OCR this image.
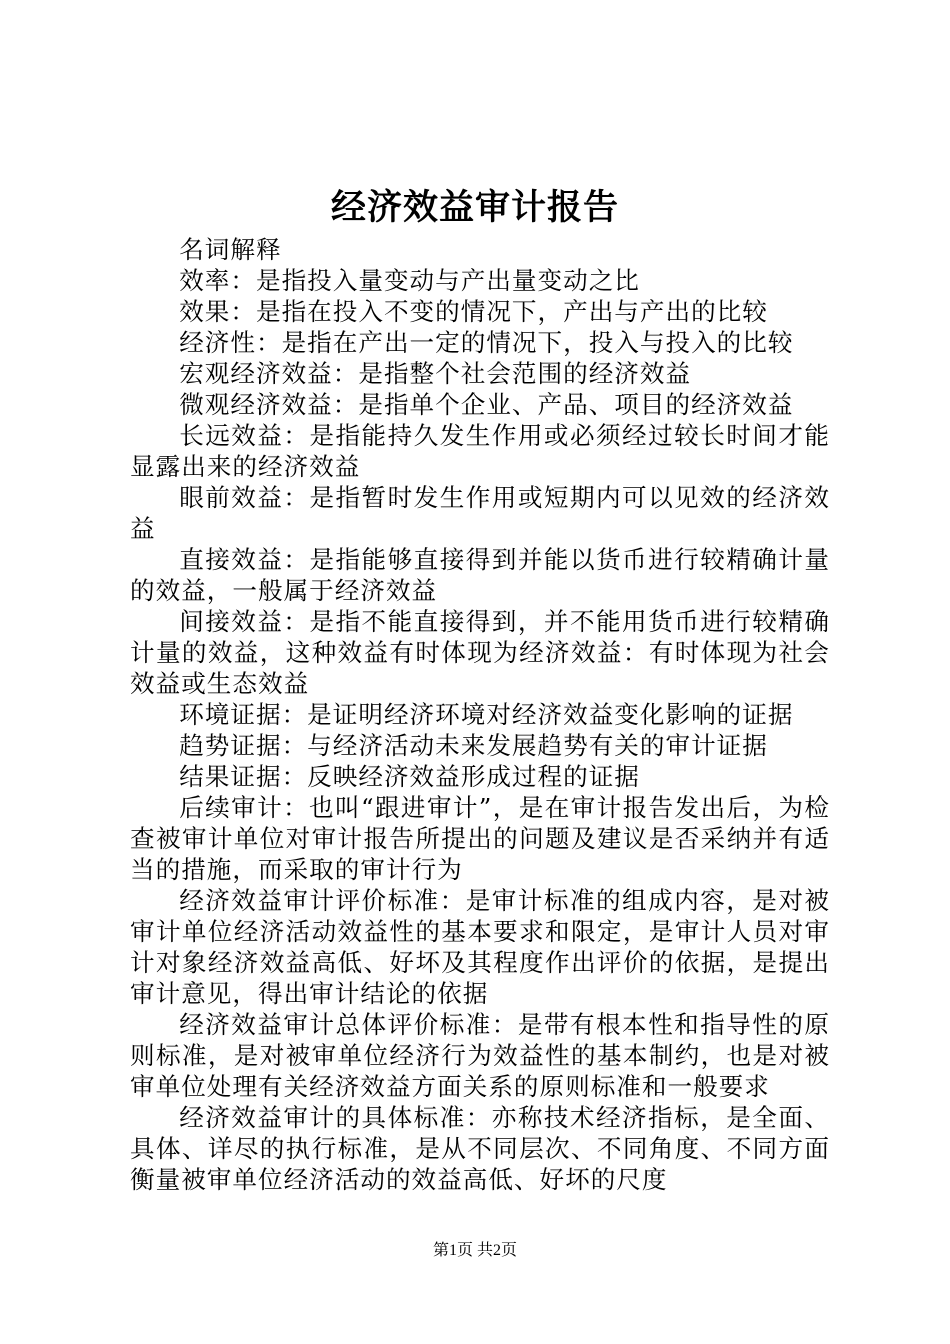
经济效益审计报告

名词解释

效率：是指投入量变动与产出量变动之比

效果：是指在投入不变的情况下，产出与产出的比较

经济性：是指在产出一定的情况下，投入与投入的比较

宏观经济效益：是指整个社会范围的经济效益

微观经济效益：是指单个企业、产品、项目的经济效益

长远效益：是指能持久发生作用或必须经过较长时间才能显露出来的经济效益

眼前效益：是指暂时发生作用或短期内可以见效的经济效益

直接效益：是指能够直接得到并能以货币进行较精确计量的效益，一般属于经济效益

间接效益：是指不能直接得到，并不能用货币进行较精确计量的效益，这种效益有时体现为经济效益：有时体现为社会效益或生态效益

环境证据：是证明经济环境对经济效益变化影响的证据

趋势证据：与经济活动未来发展趋势有关的审计证据

结果证据：反映经济效益形成过程的证据

后续审计：也叫“跟进审计”，是在审计报告发出后，为检查被审计单位对审计报告所提出的问题及建议是否采纳并有适当的措施，而采取的审计行为

经济效益审计评价标准：是审计标准的组成内容，是对被审计单位经济活动效益性的基本要求和限定，是审计人员对审计对象经济效益高低、好坏及其程度作出评价的依据，是提出审计意见，得出审计结论的依据

经济效益审计总体评价标准：是带有根本性和指导性的原则标准，是对被审单位经济行为效益性的基本制约，也是对被审单位处理有关经济效益方面关系的原则标准和一般要求

经济效益审计的具体标准：亦称技术经济指标，是全面、具体、详尽的执行标准，是从不同层次、不同角度、不同方面衡量被审单位经济活动的效益高低、好坏的尺度

第1页 共2页
